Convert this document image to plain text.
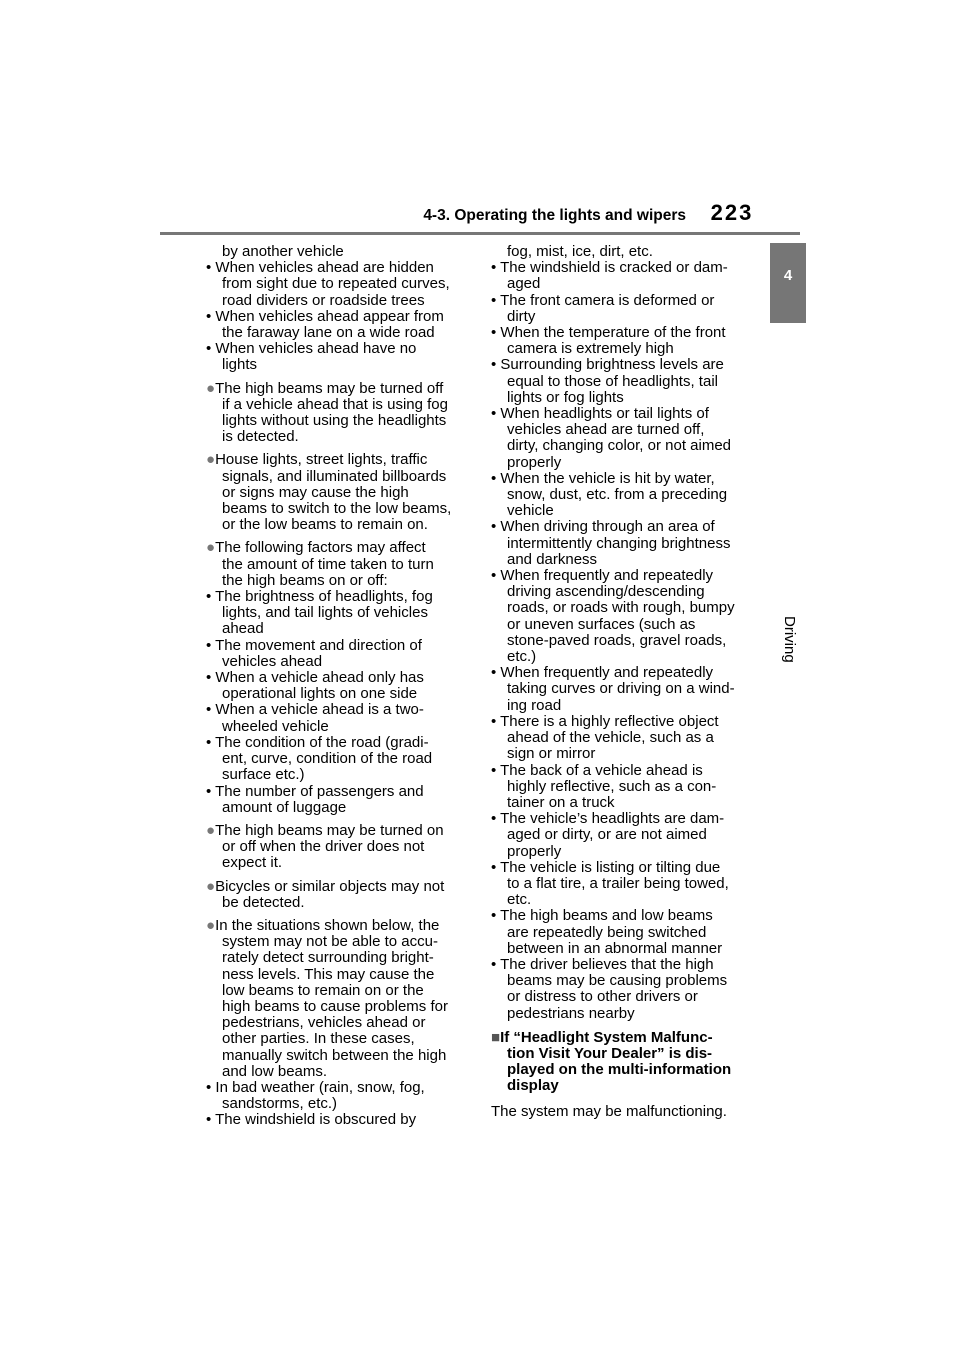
4-3. Operating the lights and wipers 223
4
Driving
by another vehicle
• When vehicles ahead are hidden
from sight due to repeated curves,
road dividers or roadside trees
• When vehicles ahead appear from
the faraway lane on a wide road
• When vehicles ahead have no
lights
●The high beams may be turned off
if a vehicle ahead that is using fog
lights without using the headlights
is detected.
●House lights, street lights, traffic
signals, and illuminated billboards
or signs may cause the high
beams to switch to the low beams,
or the low beams to remain on.
●The following factors may affect
the amount of time taken to turn
the high beams on or off:
• The brightness of headlights, fog
lights, and tail lights of vehicles
ahead
• The movement and direction of
vehicles ahead
• When a vehicle ahead only has
operational lights on one side
• When a vehicle ahead is a two-
wheeled vehicle
• The condition of the road (gradi-
ent, curve, condition of the road
surface etc.)
• The number of passengers and
amount of luggage
●The high beams may be turned on
or off when the driver does not
expect it.
●Bicycles or similar objects may not
be detected.
●In the situations shown below, the
system may not be able to accu-
rately detect surrounding bright-
ness levels. This may cause the
low beams to remain on or the
high beams to cause problems for
pedestrians, vehicles ahead or
other parties. In these cases,
manually switch between the high
and low beams.
• In bad weather (rain, snow, fog,
sandstorms, etc.)
• The windshield is obscured by
fog, mist, ice, dirt, etc.
• The windshield is cracked or dam-
aged
• The front camera is deformed or
dirty
• When the temperature of the front
camera is extremely high
• Surrounding brightness levels are
equal to those of headlights, tail
lights or fog lights
• When headlights or tail lights of
vehicles ahead are turned off,
dirty, changing color, or not aimed
properly
• When the vehicle is hit by water,
snow, dust, etc. from a preceding
vehicle
• When driving through an area of
intermittently changing brightness
and darkness
• When frequently and repeatedly
driving ascending/descending
roads, or roads with rough, bumpy
or uneven surfaces (such as
stone-paved roads, gravel roads,
etc.)
• When frequently and repeatedly
taking curves or driving on a wind-
ing road
• There is a highly reflective object
ahead of the vehicle, such as a
sign or mirror
• The back of a vehicle ahead is
highly reflective, such as a con-
tainer on a truck
• The vehicle’s headlights are dam-
aged or dirty, or are not aimed
properly
• The vehicle is listing or tilting due
to a flat tire, a trailer being towed,
etc.
• The high beams and low beams
are repeatedly being switched
between in an abnormal manner
• The driver believes that the high
beams may be causing problems
or distress to other drivers or
pedestrians nearby
■If “Headlight System Malfunc-
tion Visit Your Dealer” is dis-
played on the multi-information
display
The system may be malfunctioning.
